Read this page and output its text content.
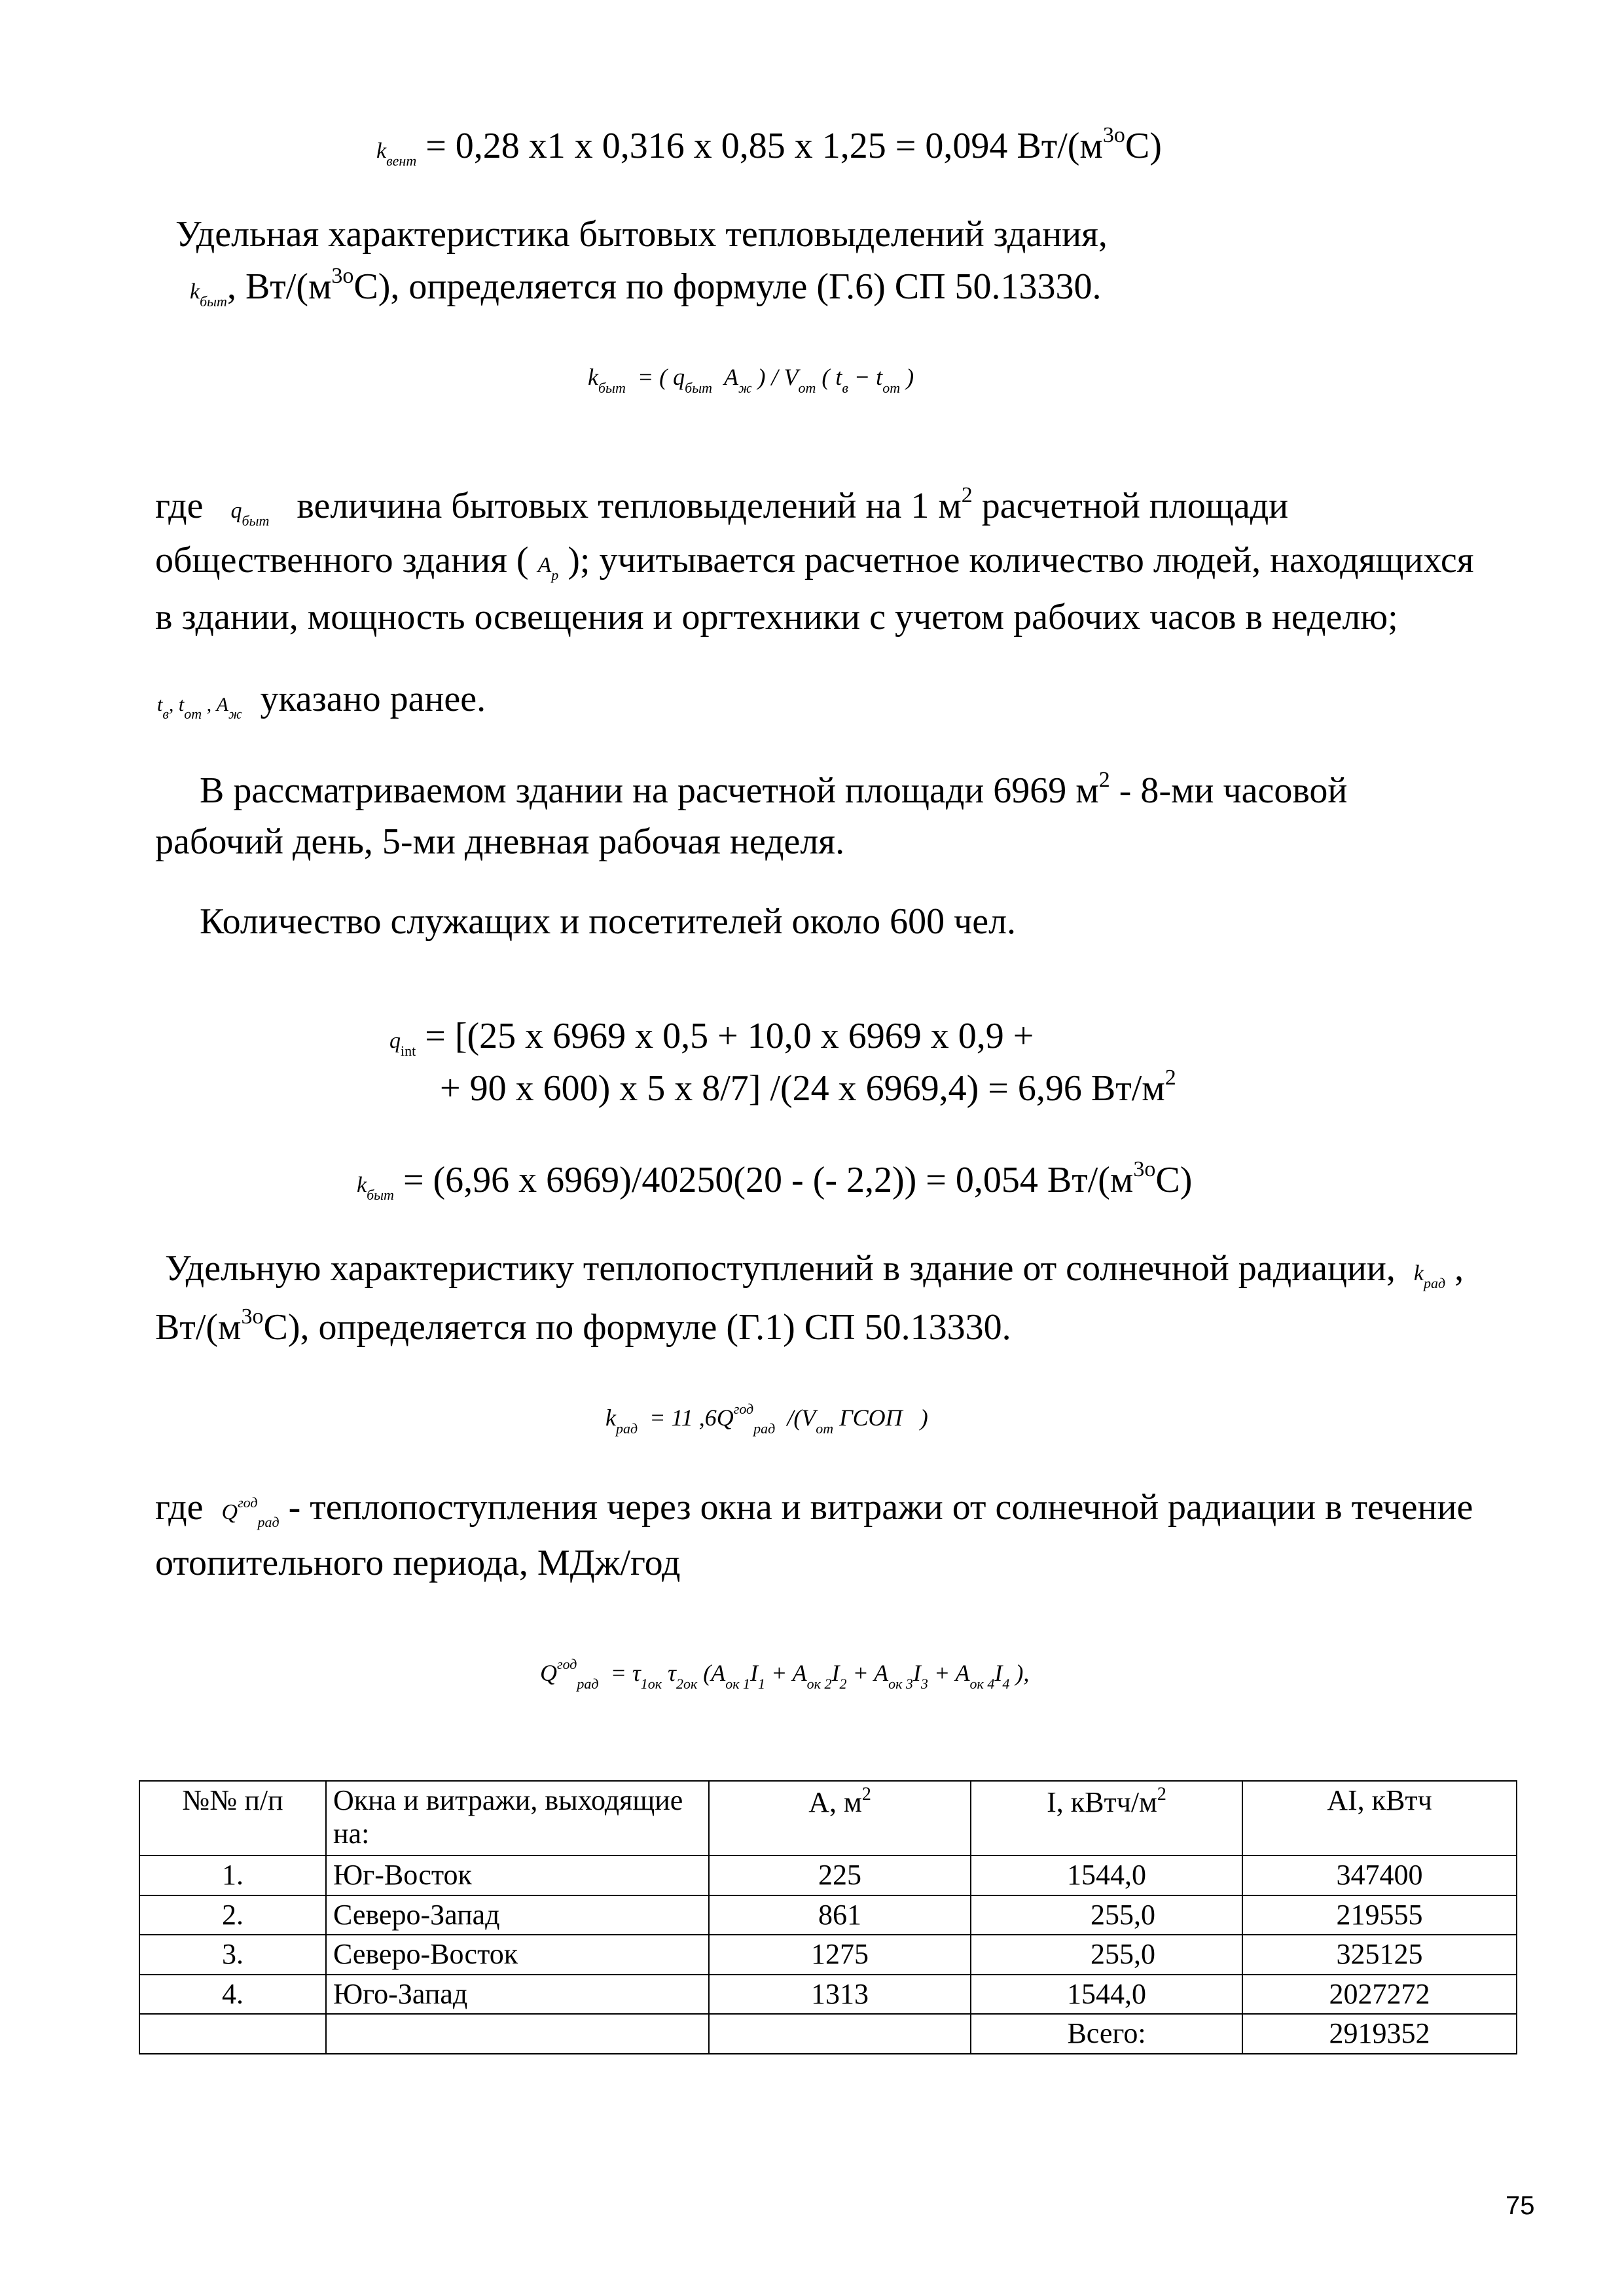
$k_{вент} = 0,28$ х1 х 0,316 х 0,85 х 1,25 = 0,094 $Вт/(м^{3о}С)$
Удельная характеристика бытовых тепловыделений здания,
$k_{быт}$, $Вт/(м^{3о}С)$, определяется по формуле (Г.6) СП 50.13330.
$k_{быт}$ = ( $q_{быт}$ $A_ж$ ) / $V_{от}$ ( $t_в - t_{от}$ )
где $q_{быт}$ величина бытовых тепловыделений на 1 $м^2$ расчетной площади
общественного здания ( $A_р$ ); учитывается расчетное количество людей, находящихся
в здании, мощность освещения и оргтехники с учетом рабочих часов в неделю;
$t_в$, $t_{от}$ , $A_ж$ указано ранее.
В рассматриваемом здании на расчетной площади 6969 $м^2 - 8-ми$ часовой
рабочий день, 5-ми дневная рабочая неделя.
Количество служащих и посетителей около 600 чел.
$q_{int} = [(25$ х 6969 х 0,5 + 10,0 х 6969 х 0,9 +
+ 90 х 600) х 5 х 8/7] /(24 х 6969,4) = 6,96 $Вт/м^2$
$k_{быт} = (6,96$ х 6969)/40250(20 - (- 2,2)) = 0,054 $Вт/(м^{3о}С)$
Удельную характеристику теплопоступлений в здание от солнечной радиации, $k_{рад}$ ,
$Вт/(м^{3о}С)$, определяется по формуле (Г.1) СП 50.13330.
$k_{рад} = 11$ $,6Q^{год}_{рад}$ $/(V_{от}$ ГСОП )
где $Q^{год}_{рад}$ - теплопоступления через окна и витражи от солнечной радиации в течение
отопительного периода, МДж/год
$Q^{год}_{рад} = \tau_{1ок}$ $\tau_{2ок}$ ($A_{ок 1}I_1 + A_{ок 2}I_2 + A_{ок 3}I_3 + A_{ок 4}I_4$ ),
№№ п/п	Окна и витражи, выходящие на:	А, $м^2$	I, кВтч/$м^2$	AI, кВтч
1.	Юг-Восток	225	1544,0	347400
2.	Северо-Запад	861	255,0	219555
3.	Северо-Восток	1275	255,0	325125
4.	Юго-Запад	1313	1544,0	2027272
			Всего:	2919352
75
